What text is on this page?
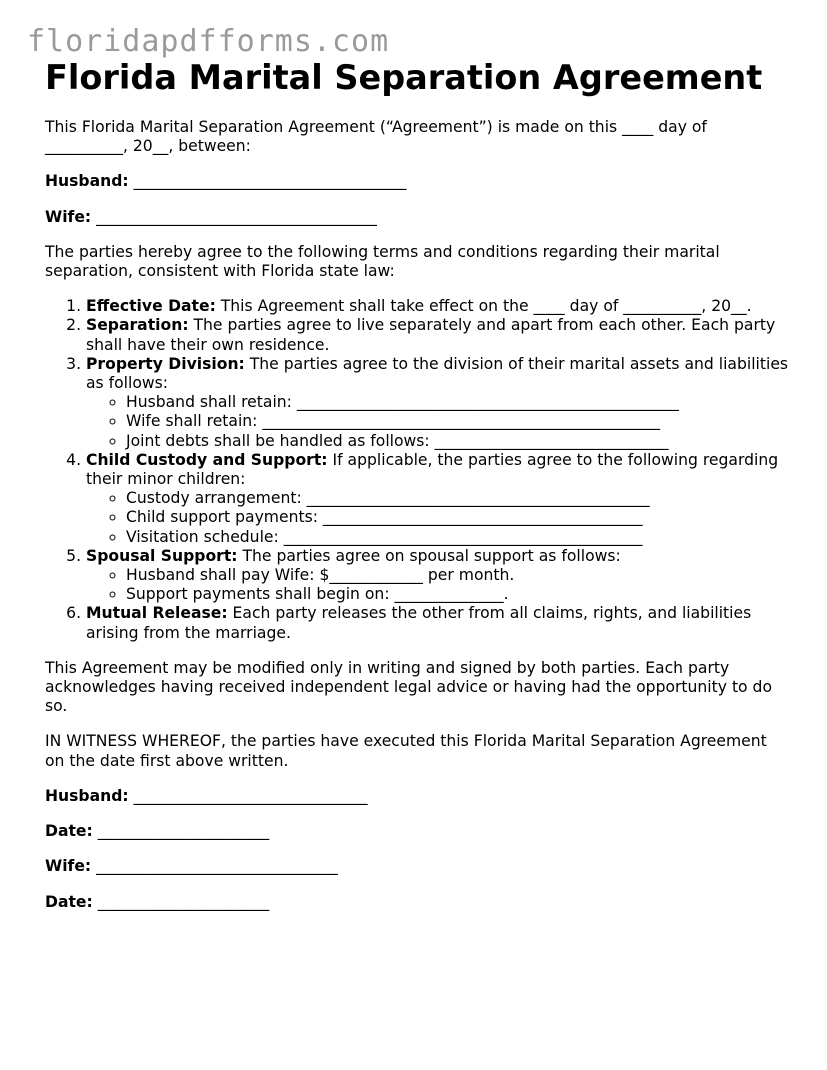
floridapdfforms.com
Florida Marital Separation Agreement

This Florida Marital Separation Agreement (“Agreement”) is made on this ____ day of __________, 20__, between:

Husband: ___________________________________

Wife: ____________________________________

The parties hereby agree to the following terms and conditions regarding their marital separation, consistent with Florida state law:

1. Effective Date: This Agreement shall take effect on the ____ day of __________, 20__.
2. Separation: The parties agree to live separately and apart from each other. Each party shall have their own residence.
3. Property Division: The parties agree to the division of their marital assets and liabilities as follows:
◦ Husband shall retain: _________________________________________________
◦ Wife shall retain: ___________________________________________________
◦ Joint debts shall be handled as follows: ______________________________
4. Child Custody and Support: If applicable, the parties agree to the following regarding their minor children:
◦ Custody arrangement: ____________________________________________
◦ Child support payments: _________________________________________
◦ Visitation schedule: ______________________________________________
5. Spousal Support: The parties agree on spousal support as follows:
◦ Husband shall pay Wife: $____________ per month.
◦ Support payments shall begin on: ______________.
6. Mutual Release: Each party releases the other from all claims, rights, and liabilities arising from the marriage.

This Agreement may be modified only in writing and signed by both parties. Each party acknowledges having received independent legal advice or having had the opportunity to do so.

IN WITNESS WHEREOF, the parties have executed this Florida Marital Separation Agreement on the date first above written.

Husband: ______________________________

Date: ______________________

Wife: _______________________________

Date: ______________________
